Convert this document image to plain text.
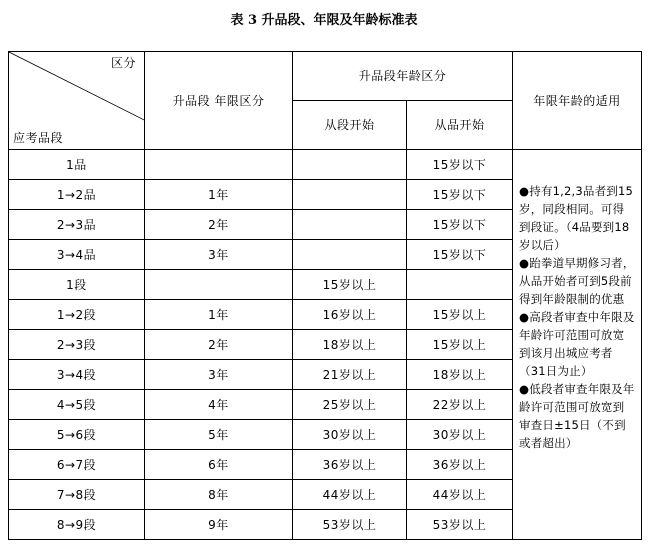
表 3 升品段、年限及年龄标准表
区分
应考品段	升品段 年限区分	升品段年龄区分		年限年龄的适用
		从段开始	从品开始	
1品			15岁以下	●持有1,2,3品者到15岁，同段相同。可得到段证。（4品要到18岁以后）

●跆拳道早期修习者，从品开始者可到5段前得到年龄限制的优惠

●高段者审查中年限及年龄许可范围可放宽到该月出城应考者（31日为止）

●低段者审查年限及年龄许可范围可放宽到审查日±15日（不到或者超出）

1→2品	1年		15岁以下	
2→3品	2年		15岁以下	
3→4品	3年		15岁以下	
1段		15岁以上		
1→2段	1年	16岁以上	15岁以上	
2→3段	2年	18岁以上	15岁以上	
3→4段	3年	21岁以上	18岁以上	
4→5段	4年	25岁以上	22岁以上	
5→6段	5年	30岁以上	30岁以上	
6→7段	6年	36岁以上	36岁以上	
7→8段	8年	44岁以上	44岁以上	
8→9段	9年	53岁以上	53岁以上	
